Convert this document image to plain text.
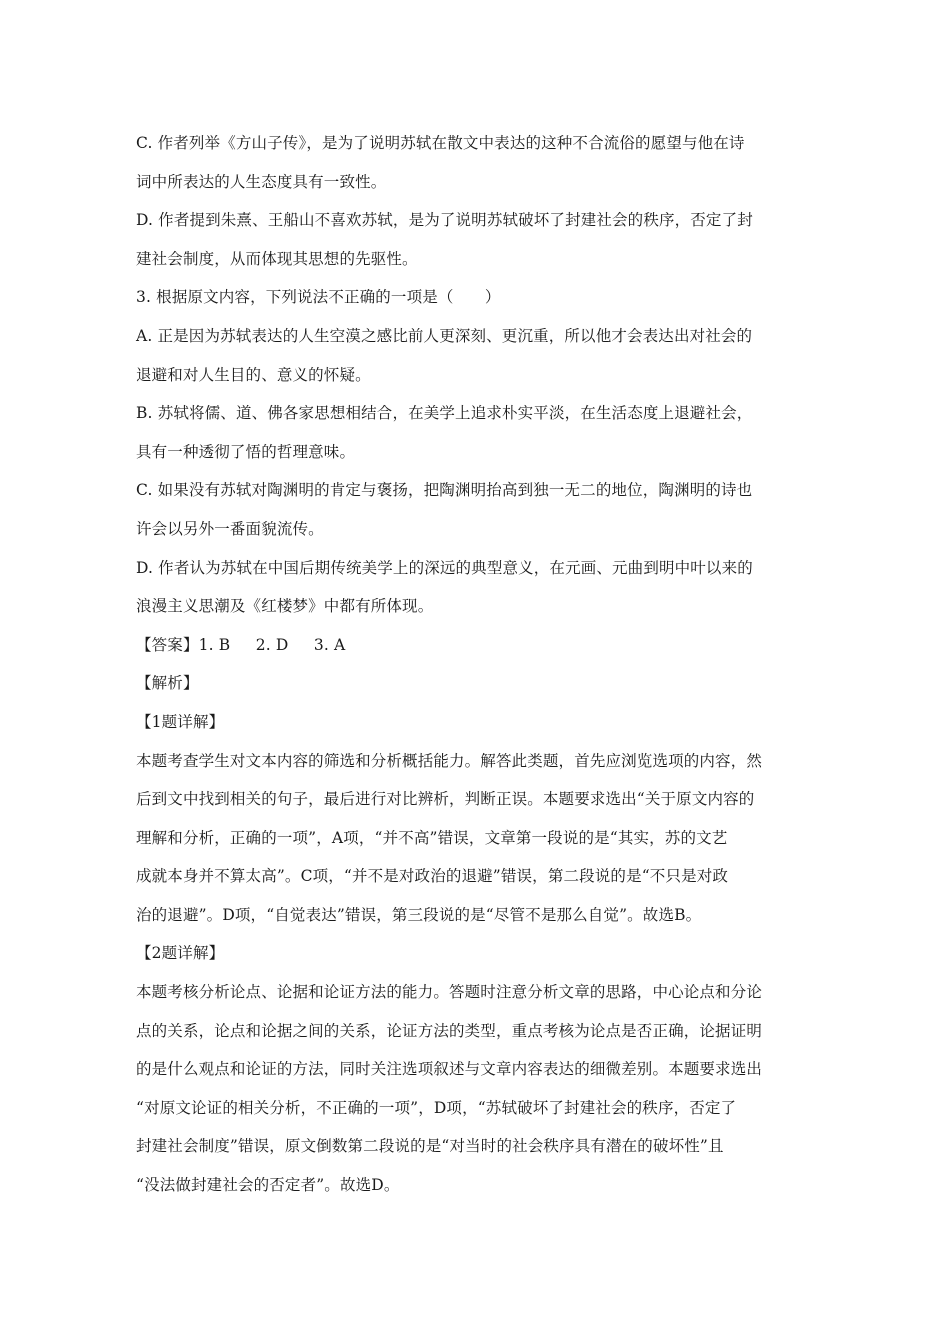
C. 作者列举《方山子传》，是为了说明苏轼在散文中表达的这种不合流俗的愿望与他在诗
词中所表达的人生态度具有一致性。
D. 作者提到朱熹、王船山不喜欢苏轼，是为了说明苏轼破坏了封建社会的秩序，否定了封
建社会制度，从而体现其思想的先驱性。
3. 根据原文内容，下列说法不正确的一项是（　　）
A. 正是因为苏轼表达的人生空漠之感比前人更深刻、更沉重，所以他才会表达出对社会的
退避和对人生目的、意义的怀疑。
B. 苏轼将儒、道、佛各家思想相结合，在美学上追求朴实平淡，在生活态度上退避社会，
具有一种透彻了悟的哲理意味。
C. 如果没有苏轼对陶渊明的肯定与褒扬，把陶渊明抬高到独一无二的地位，陶渊明的诗也
许会以另外一番面貌流传。
D. 作者认为苏轼在中国后期传统美学上的深远的典型意义，在元画、元曲到明中叶以来的
浪漫主义思潮及《红楼梦》中都有所体现。
【答案】1. B     2. D     3. A
【解析】
【1题详解】
本题考查学生对文本内容的筛选和分析概括能力。解答此类题，首先应浏览选项的内容，然
后到文中找到相关的句子，最后进行对比辨析，判断正误。本题要求选出“关于原文内容的
理解和分析，正确的一项”，A项，“并不高”错误，文章第一段说的是“其实，苏的文艺
成就本身并不算太高”。C项，“并不是对政治的退避”错误，第二段说的是“不只是对政
治的退避”。D项，“自觉表达”错误，第三段说的是“尽管不是那么自觉”。故选B。
【2题详解】
本题考核分析论点、论据和论证方法的能力。答题时注意分析文章的思路，中心论点和分论
点的关系，论点和论据之间的关系，论证方法的类型，重点考核为论点是否正确，论据证明
的是什么观点和论证的方法，同时关注选项叙述与文章内容表达的细微差别。本题要求选出
“对原文论证的相关分析，不正确的一项”，D项，“苏轼破坏了封建社会的秩序，否定了
封建社会制度”错误，原文倒数第二段说的是“对当时的社会秩序具有潜在的破坏性”且
“没法做封建社会的否定者”。故选D。
